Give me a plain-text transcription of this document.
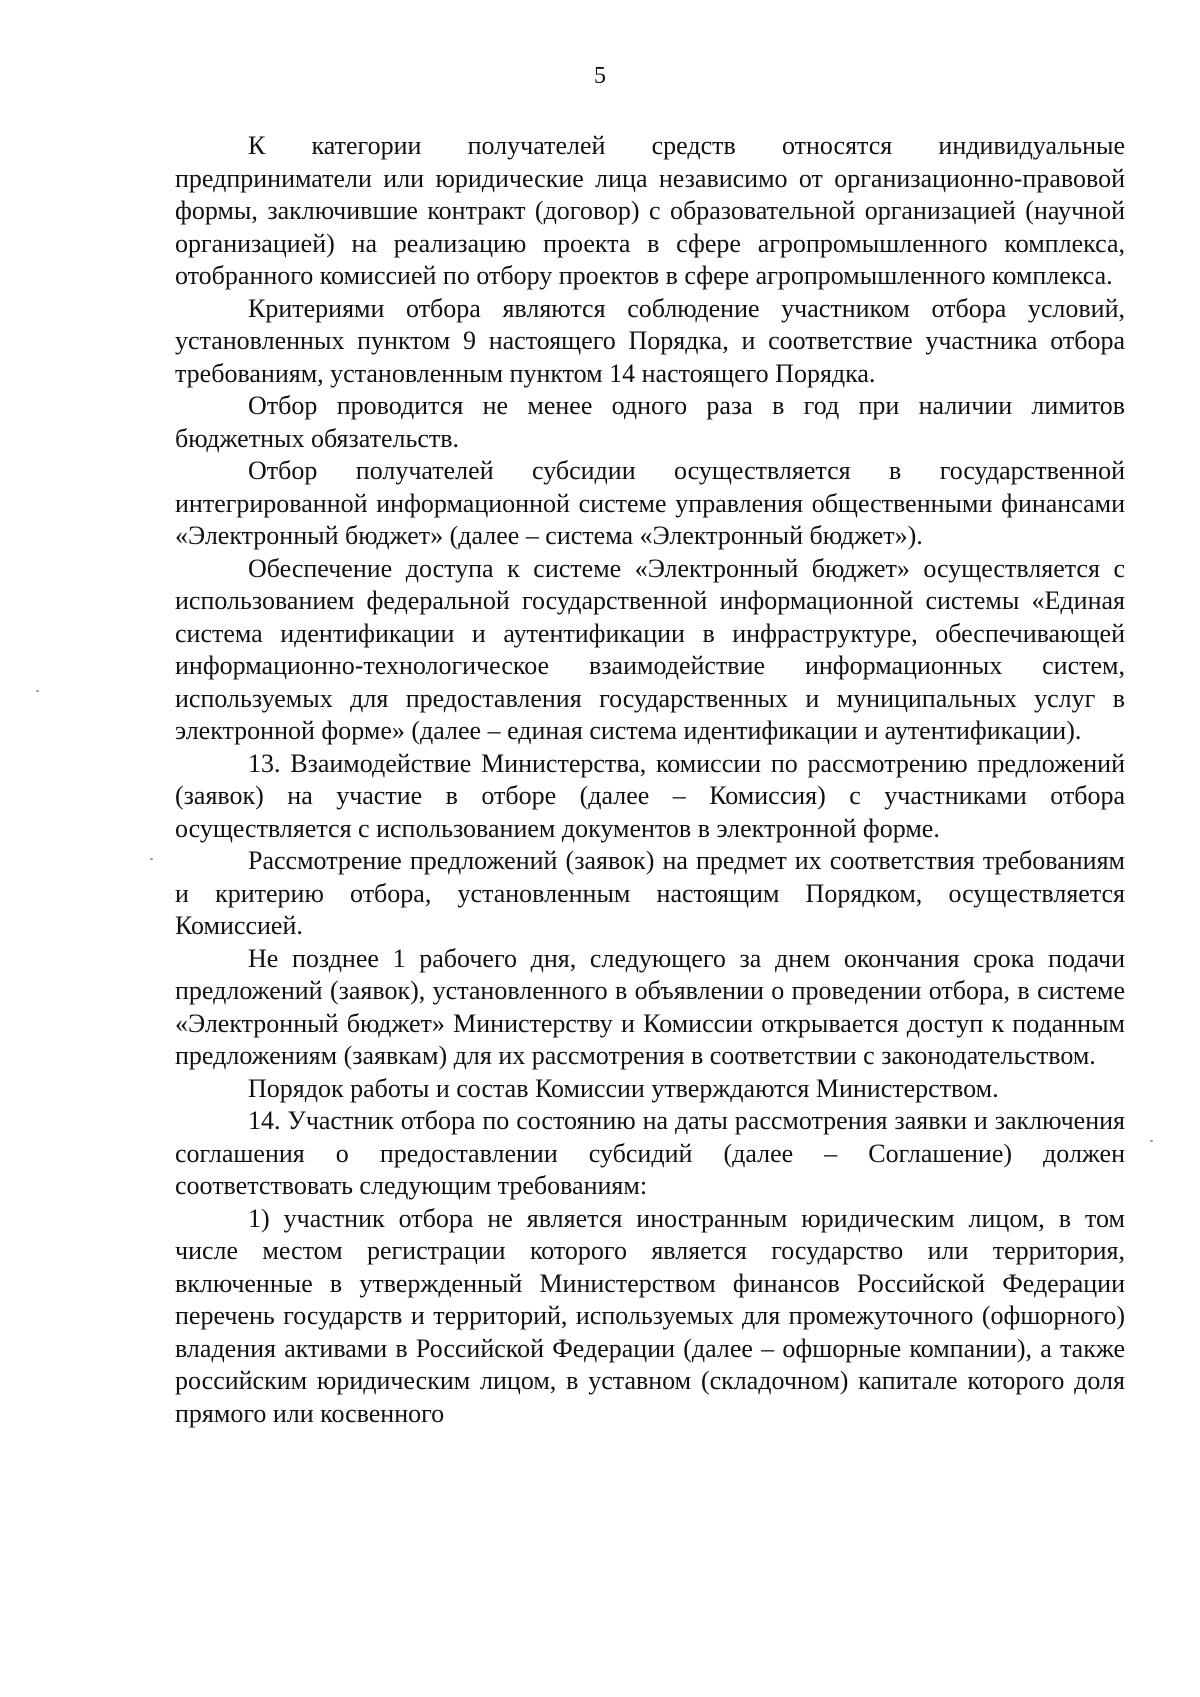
5

К категории получателей средств относятся индивидуальные предприниматели или юридические лица независимо от организационно-правовой формы, заключившие контракт (договор) с образовательной организацией (научной организацией) на реализацию проекта в сфере агропромышленного комплекса, отобранного комиссией по отбору проектов в сфере агропромышленного комплекса.

Критериями отбора являются соблюдение участником отбора условий, установленных пунктом 9 настоящего Порядка, и соответствие участника отбора требованиям, установленным пунктом 14 настоящего Порядка.

Отбор проводится не менее одного раза в год при наличии лимитов бюджетных обязательств.

Отбор получателей субсидии осуществляется в государственной интегрированной информационной системе управления общественными финансами «Электронный бюджет» (далее – система «Электронный бюджет»).

Обеспечение доступа к системе «Электронный бюджет» осуществляется с использованием федеральной государственной информационной системы «Единая система идентификации и аутентификации в инфраструктуре, обеспечивающей информационно-технологическое взаимодействие информационных систем, используемых для предоставления государственных и муниципальных услуг в электронной форме» (далее – единая система идентификации и аутентификации).

13. Взаимодействие Министерства, комиссии по рассмотрению предложений (заявок) на участие в отборе (далее – Комиссия) с участниками отбора осуществляется с использованием документов в электронной форме.

Рассмотрение предложений (заявок) на предмет их соответствия требованиям и критерию отбора, установленным настоящим Порядком, осуществляется Комиссией.

Не позднее 1 рабочего дня, следующего за днем окончания срока подачи предложений (заявок), установленного в объявлении о проведении отбора, в системе «Электронный бюджет» Министерству и Комиссии открывается доступ к поданным предложениям (заявкам) для их рассмотрения в соответствии с законодательством.

Порядок работы и состав Комиссии утверждаются Министерством.

14. Участник отбора по состоянию на даты рассмотрения заявки и заключения соглашения о предоставлении субсидий (далее – Соглашение) должен соответствовать следующим требованиям:

1) участник отбора не является иностранным юридическим лицом, в том числе местом регистрации которого является государство или территория, включенные в утвержденный Министерством финансов Российской Федерации перечень государств и территорий, используемых для промежуточного (офшорного) владения активами в Российской Федерации (далее – офшорные компании), а также российским юридическим лицом, в уставном (складочном) капитале которого доля прямого или косвенного
